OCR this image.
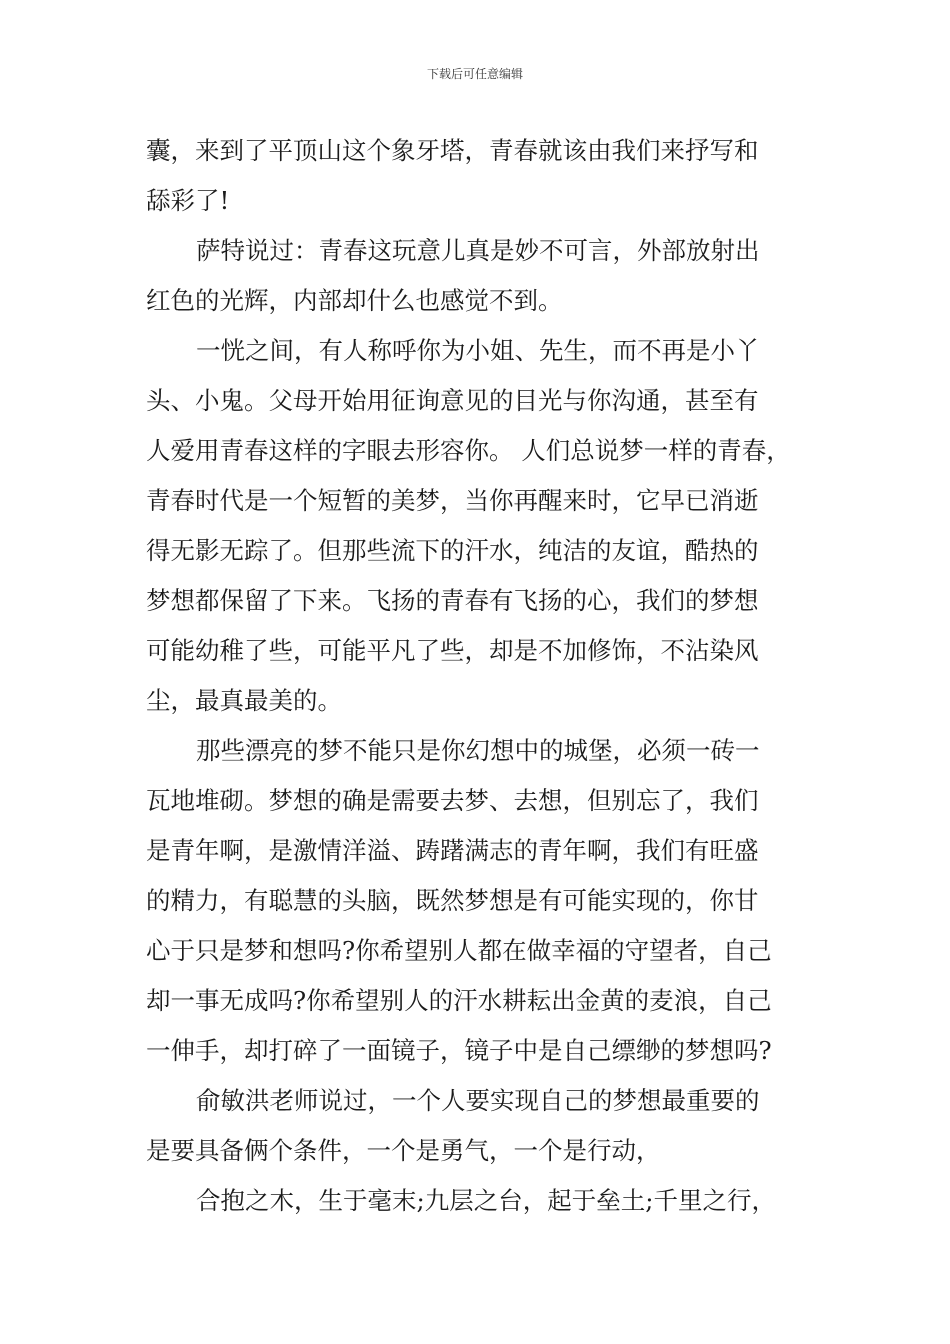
下载后可任意编辑
囊，来到了平顶山这个象牙塔，青春就该由我们来抒写和
舔彩了!
萨特说过：青春这玩意儿真是妙不可言，外部放射出
红色的光辉，内部却什么也感觉不到。
一恍之间，有人称呼你为小姐、先生，而不再是小丫
头、小鬼。父母开始用征询意见的目光与你沟通，甚至有
人爱用青春这样的字眼去形容你。 人们总说梦一样的青春，
青春时代是一个短暂的美梦，当你再醒来时，它早已消逝
得无影无踪了。但那些流下的汗水，纯洁的友谊，酷热的
梦想都保留了下来。飞扬的青春有飞扬的心，我们的梦想
可能幼稚了些，可能平凡了些，却是不加修饰，不沾染风
尘，最真最美的。
那些漂亮的梦不能只是你幻想中的城堡，必须一砖一
瓦地堆砌。梦想的确是需要去梦、去想，但别忘了，我们
是青年啊，是激情洋溢、踌躇满志的青年啊，我们有旺盛
的精力，有聪慧的头脑，既然梦想是有可能实现的，你甘
心于只是梦和想吗?你希望别人都在做幸福的守望者，自己
却一事无成吗?你希望别人的汗水耕耘出金黄的麦浪，自己
一伸手，却打碎了一面镜子，镜子中是自己缥缈的梦想吗?
俞敏洪老师说过，一个人要实现自己的梦想最重要的
是要具备俩个条件，一个是勇气，一个是行动，
合抱之木，生于毫末;九层之台，起于垒土;千里之行，
